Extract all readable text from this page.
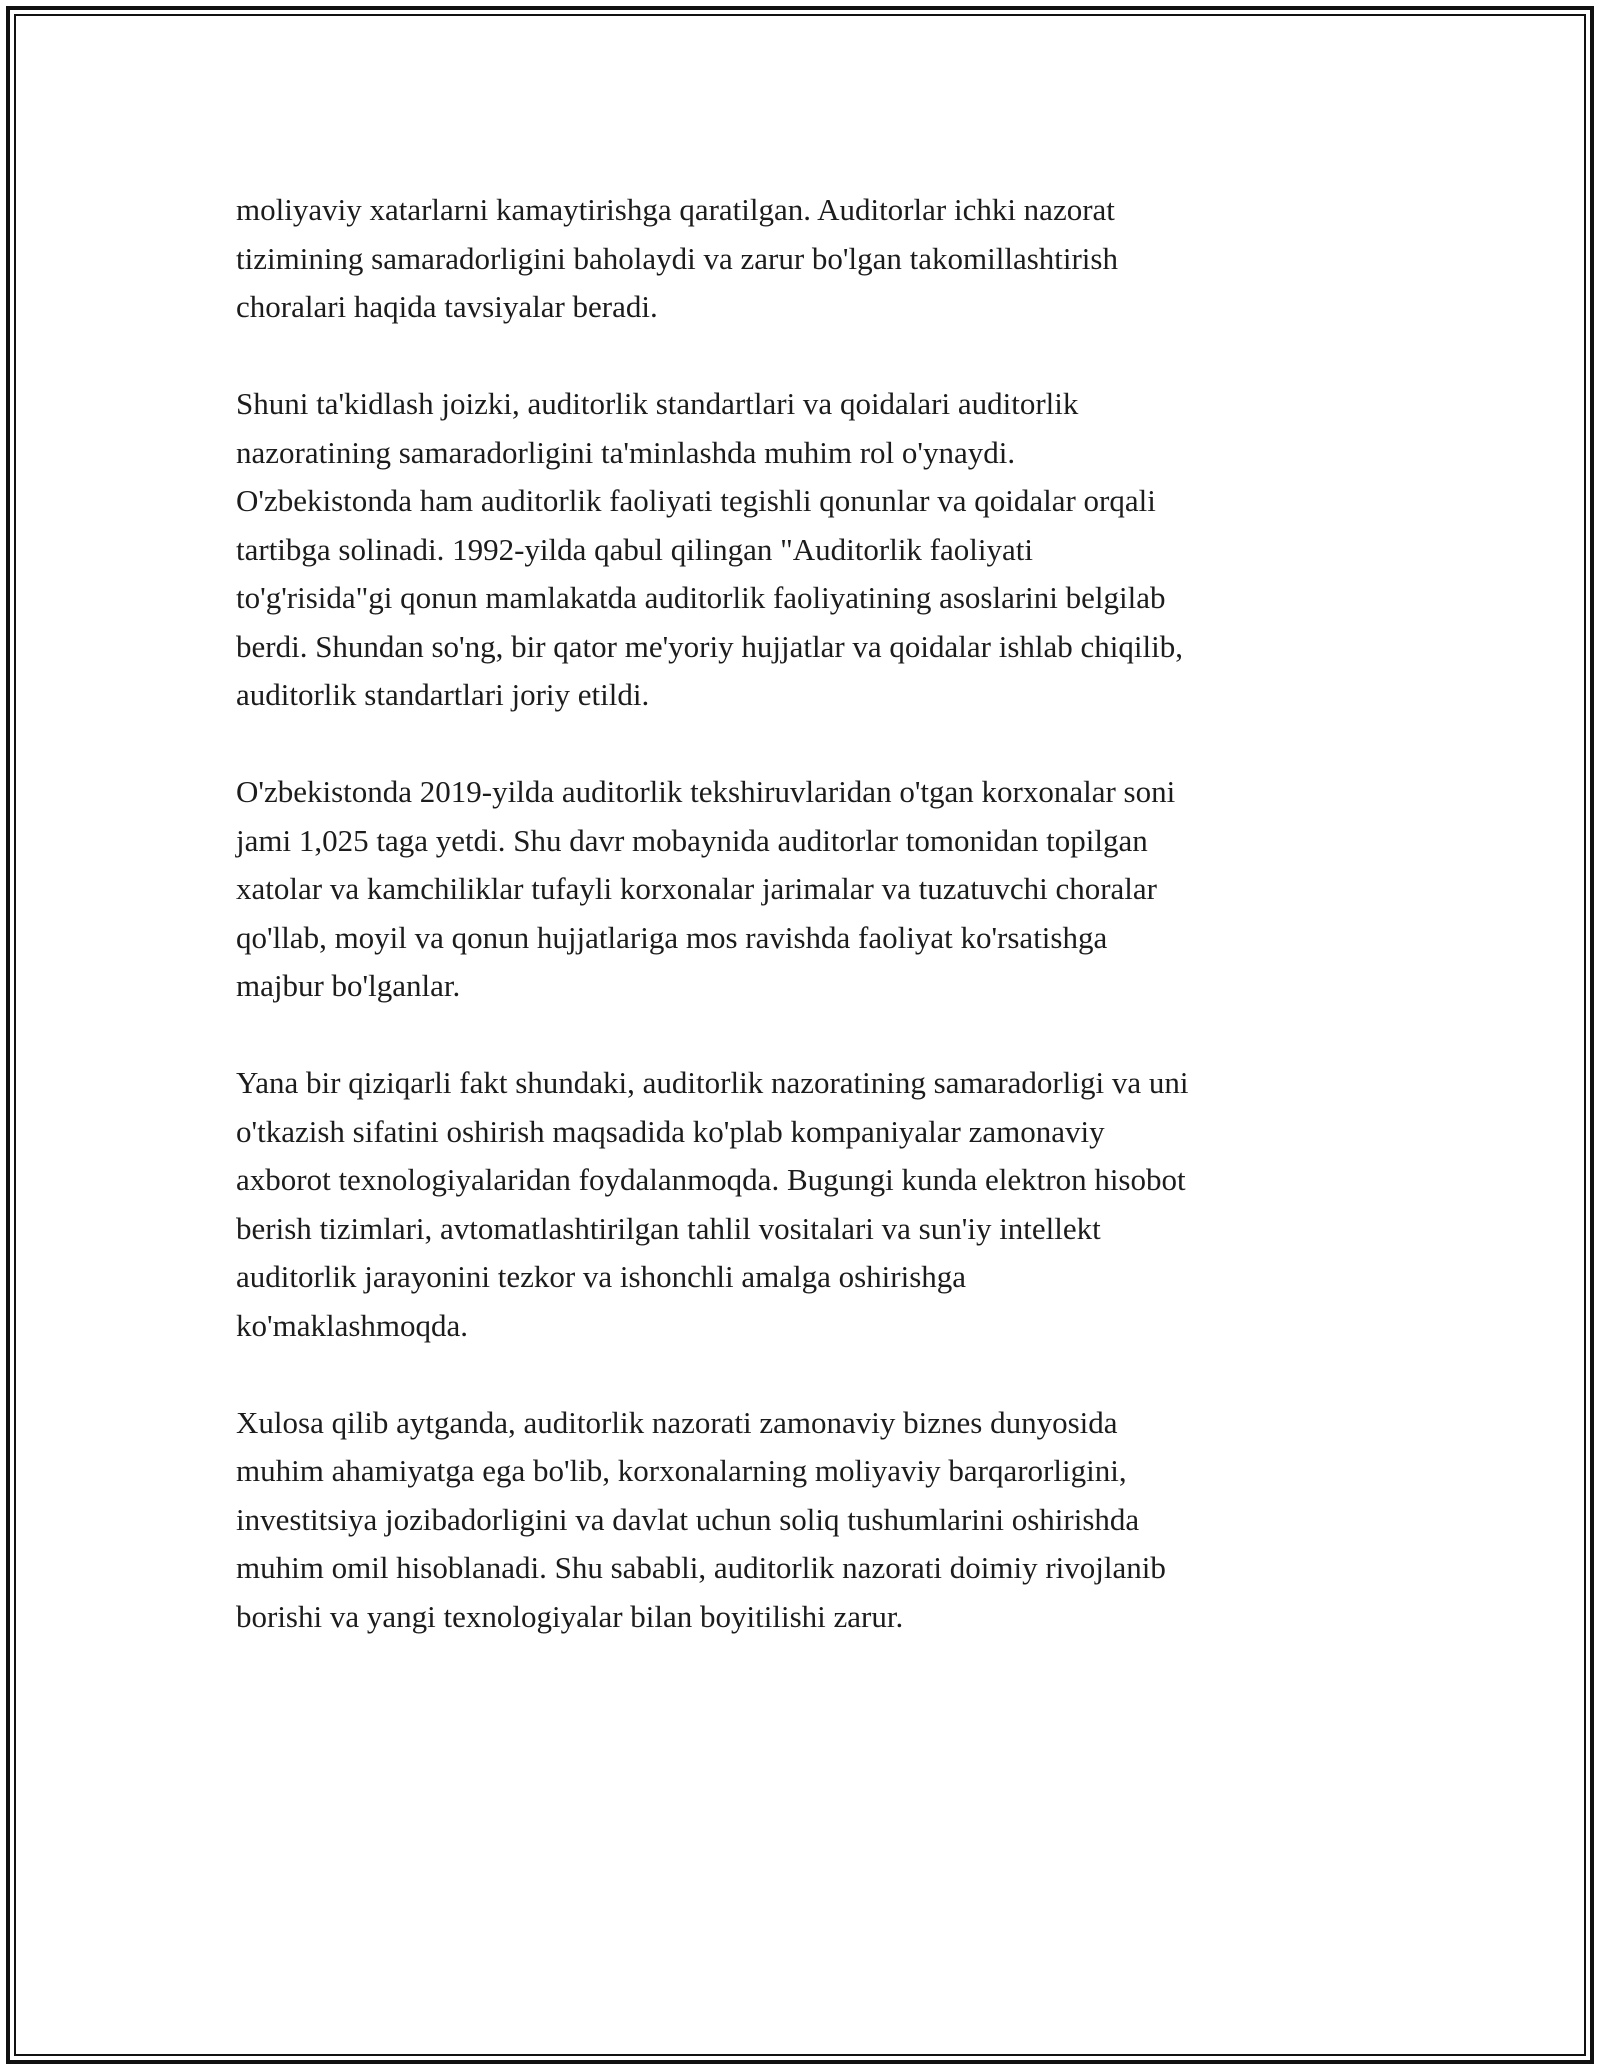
moliyaviy xatarlarni kamaytirishga qaratilgan. Auditorlar ichki nazorat
tizimining samaradorligini baholaydi va zarur bo'lgan takomillashtirish
choralari haqida tavsiyalar beradi.
Shuni ta'kidlash joizki, auditorlik standartlari va qoidalari auditorlik
nazoratining samaradorligini ta'minlashda muhim rol o'ynaydi.
O'zbekistonda ham auditorlik faoliyati tegishli qonunlar va qoidalar orqali
tartibga solinadi. 1992-yilda qabul qilingan "Auditorlik faoliyati
to'g'risida"gi qonun mamlakatda auditorlik faoliyatining asoslarini belgilab
berdi. Shundan so'ng, bir qator me'yoriy hujjatlar va qoidalar ishlab chiqilib,
auditorlik standartlari joriy etildi.
O'zbekistonda 2019-yilda auditorlik tekshiruvlaridan o'tgan korxonalar soni
jami 1,025 taga yetdi. Shu davr mobaynida auditorlar tomonidan topilgan
xatolar va kamchiliklar tufayli korxonalar jarimalar va tuzatuvchi choralar
qo'llab, moyil va qonun hujjatlariga mos ravishda faoliyat ko'rsatishga
majbur bo'lganlar.
Yana bir qiziqarli fakt shundaki, auditorlik nazoratining samaradorligi va uni
o'tkazish sifatini oshirish maqsadida ko'plab kompaniyalar zamonaviy
axborot texnologiyalaridan foydalanmoqda. Bugungi kunda elektron hisobot
berish tizimlari, avtomatlashtirilgan tahlil vositalari va sun'iy intellekt
auditorlik jarayonini tezkor va ishonchli amalga oshirishga
ko'maklashmoqda.
Xulosa qilib aytganda, auditorlik nazorati zamonaviy biznes dunyosida
muhim ahamiyatga ega bo'lib, korxonalarning moliyaviy barqarorligini,
investitsiya jozibadorligini va davlat uchun soliq tushumlarini oshirishda
muhim omil hisoblanadi. Shu sababli, auditorlik nazorati doimiy rivojlanib
borishi va yangi texnologiyalar bilan boyitilishi zarur.
